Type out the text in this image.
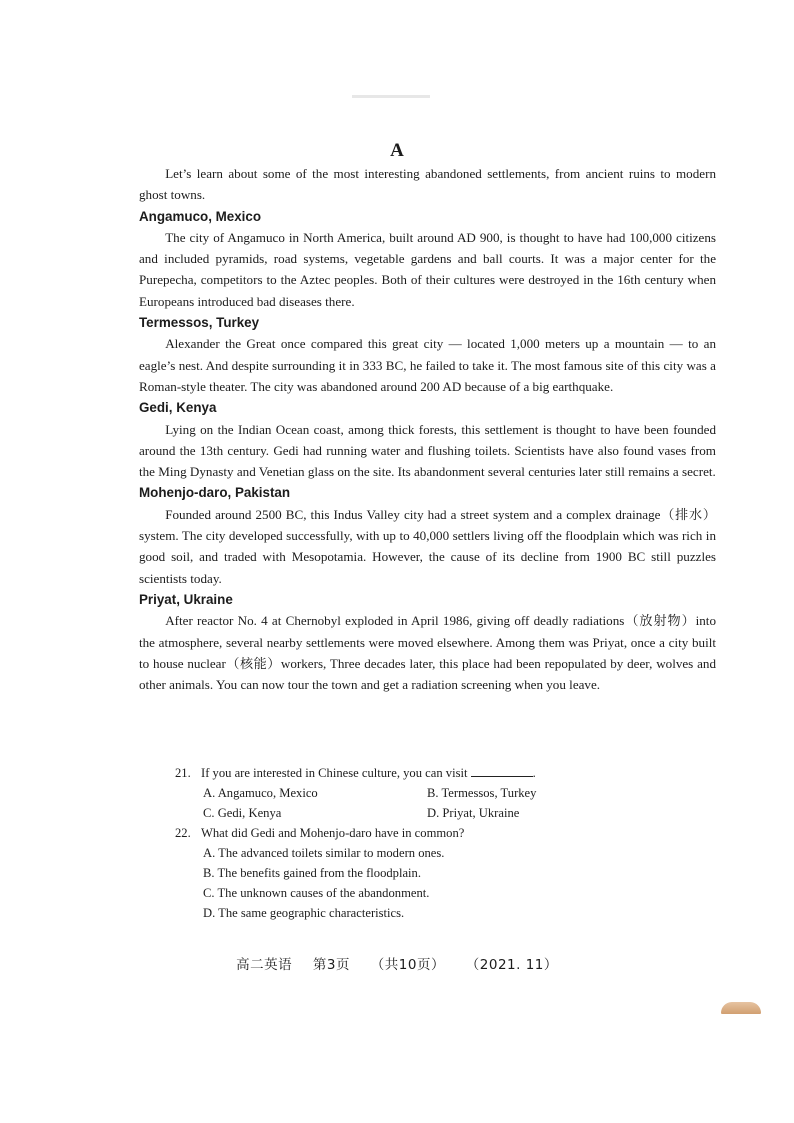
A

Let’s learn about some of the most interesting abandoned settlements, from ancient ruins to modern ghost towns.

Angamuco, Mexico

The city of Angamuco in North America, built around AD 900, is thought to have had 100,000 citizens and included pyramids, road systems, vegetable gardens and ball courts. It was a major center for the Purepecha, competitors to the Aztec peoples. Both of their cultures were destroyed in the 16th century when Europeans introduced bad diseases there.

Termessos, Turkey

Alexander the Great once compared this great city — located 1,000 meters up a mountain — to an eagle’s nest. And despite surrounding it in 333 BC, he failed to take it. The most famous site of this city was a Roman-style theater. The city was abandoned around 200 AD because of a big earthquake.

Gedi, Kenya

Lying on the Indian Ocean coast, among thick forests, this settlement is thought to have been founded around the 13th century. Gedi had running water and flushing toilets. Scientists have also found vases from the Ming Dynasty and Venetian glass on the site. Its abandonment several centuries later still remains a secret.

Mohenjo-daro, Pakistan

Founded around 2500 BC, this Indus Valley city had a street system and a complex drainage（排水）system. The city developed successfully, with up to 40,000 settlers living off the floodplain which was rich in good soil, and traded with Mesopotamia. However, the cause of its decline from 1900 BC still puzzles scientists today.

Priyat, Ukraine

After reactor No. 4 at Chernobyl exploded in April 1986, giving off deadly radiations（放射物）into the atmosphere, several nearby settlements were moved elsewhere. Among them was Priyat, once a city built to house nuclear（核能）workers, Three decades later, this place had been repopulated by deer, wolves and other animals. You can now tour the town and get a radiation screening when you leave.

21. If you are interested in Chinese culture, you can visit	.
A. Angamuco, Mexico	B. Termessos, Turkey
C. Gedi, Kenya	D. Priyat, Ukraine
22. What did Gedi and Mohenjo-daro have in common?
A. The advanced toilets similar to modern ones.
B. The benefits gained from the floodplain.
C. The unknown causes of the abandonment.
D. The same geographic characteristics.
高二英语 第3页 （共10页） （2021. 11）
